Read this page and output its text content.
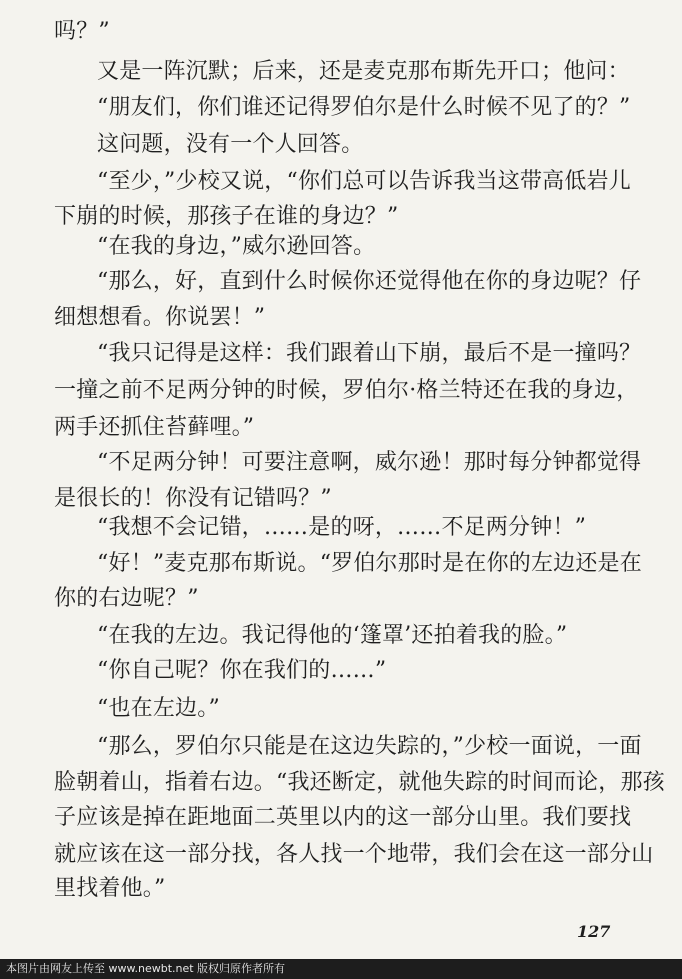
吗？”
又是一阵沉默；后来，还是麦克那布斯先开口；他问：
“朋友们，你们谁还记得罗伯尔是什么时候不见了的？”
这问题，没有一个人回答。
“至少，”少校又说，“你们总可以告诉我当这带高低岩儿
下崩的时候，那孩子在谁的身边？”
“在我的身边，”威尔逊回答。
“那么，好，直到什么时候你还觉得他在你的身边呢？仔
细想想看。你说罢！”
“我只记得是这样：我们跟着山下崩，最后不是一撞吗？
一撞之前不足两分钟的时候，罗伯尔·格兰特还在我的身边，
两手还抓住苔藓哩。”
“不足两分钟！可要注意啊，威尔逊！那时每分钟都觉得
是很长的！你没有记错吗？”
“我想不会记错，……是的呀，……不足两分钟！”
“好！”麦克那布斯说。“罗伯尔那时是在你的左边还是在
你的右边呢？”
“在我的左边。我记得他的‘篷罩’还拍着我的脸。”
“你自己呢？你在我们的……”
“也在左边。”
“那么，罗伯尔只能是在这边失踪的，”少校一面说，一面
脸朝着山，指着右边。“我还断定，就他失踪的时间而论，那孩
子应该是掉在距地面二英里以内的这一部分山里。我们要找
就应该在这一部分找，各人找一个地带，我们会在这一部分山
里找着他。”
127
本图片由网友上传至 www.newbt.net 版权归原作者所有
